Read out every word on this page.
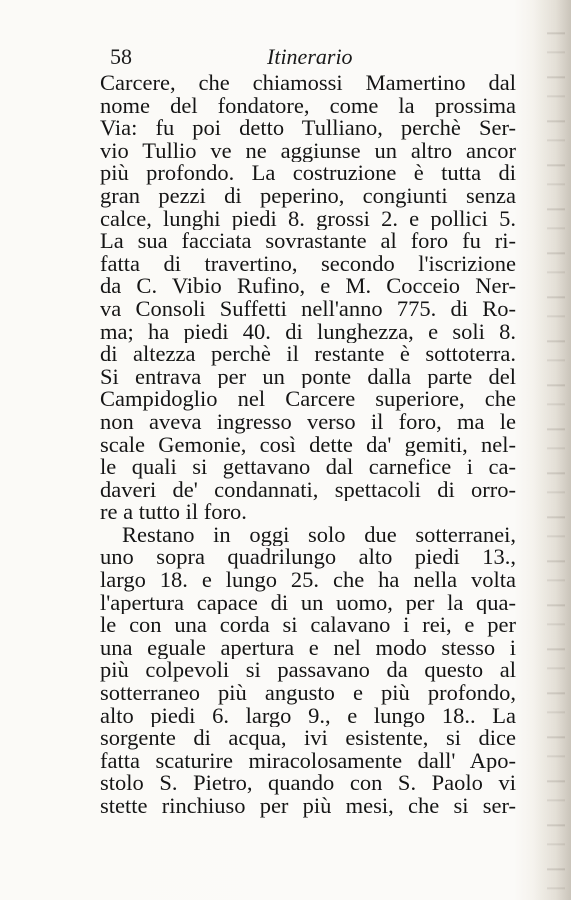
58	Itinerario
Carcere, che chiamossi Mamertino dal
nome del fondatore, come la prossima
Via: fu poi detto Tulliano, perchè Ser-
vio Tullio ve ne aggiunse un altro ancor
più profondo. La costruzione è tutta di
gran pezzi di peperino, congiunti senza
calce, lunghi piedi 8. grossi 2. e pollici 5.
La sua facciata sovrastante al foro fu ri-
fatta di travertino, secondo l'iscrizione
da C. Vibio Rufino, e M. Cocceio Ner-
va Consoli Suffetti nell'anno 775. di Ro-
ma; ha piedi 40. di lunghezza, e soli 8.
di altezza perchè il restante è sottoterra.
Si entrava per un ponte dalla parte del
Campidoglio nel Carcere superiore, che
non aveva ingresso verso il foro, ma le
scale Gemonie, così dette da' gemiti, nel-
le quali si gettavano dal carnefice i ca-
daveri de' condannati, spettacoli di orro-
re a tutto il foro.
Restano in oggi solo due sotterranei,
uno sopra quadrilungo alto piedi 13.,
largo 18. e lungo 25. che ha nella volta
l'apertura capace di un uomo, per la qua-
le con una corda si calavano i rei, e per
una eguale apertura e nel modo stesso i
più colpevoli si passavano da questo al
sotterraneo più angusto e più profondo,
alto piedi 6. largo 9., e lungo 18.. La
sorgente di acqua, ivi esistente, si dice
fatta scaturire miracolosamente dall' Apo-
stolo S. Pietro, quando con S. Paolo vi
stette rinchiuso per più mesi, che si ser-
